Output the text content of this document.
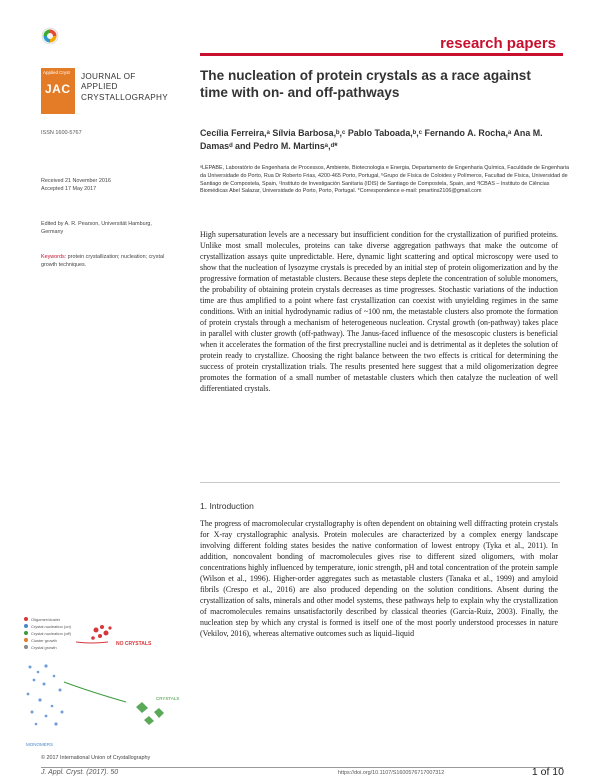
research papers
Applied Cryst
JAC
JOURNAL OF
APPLIED
CRYSTALLOGRAPHY
ISSN 1600-5767
Received 21 November 2016
Accepted 17 May 2017
Edited by A. R. Pearson, Universität Hamburg, Germany
Keywords: protein crystallization; nucleation; crystal growth techniques.
The nucleation of protein crystals as a race against
time with on- and off-pathways
Cecília Ferreira,ᵃ Sílvia Barbosa,ᵇ,ᶜ Pablo Taboada,ᵇ,ᶜ Fernando A. Rocha,ᵃ Ana M.
Damasᵈ and Pedro M. Martinsᵃ,ᵈ*
ᵃLEPABE, Laboratório de Engenharia de Processos, Ambiente, Biotecnologia e Energia, Departamento de Engenharia Química, Faculdade de Engenharia da Universidade do Porto, Rua Dr Roberto Frias, 4200-465 Porto, Portugal, ᵇGrupo de Física de Coloides y Polímeros, Facultad de Física, Universidad de Santiago de Compostela, Spain, ᶜInstituto de Investigación Sanitaria (IDIS) de Santiago de Compostela, Spain, and ᵈICBAS – Instituto de Ciências Biomédicas Abel Salazar, Universidade do Porto, Porto, Portugal. *Correspondence e-mail: pmartins2106@gmail.com
High supersaturation levels are a necessary but insufficient condition for the crystallization of purified proteins. Unlike most small molecules, proteins can take diverse aggregation pathways that make the outcome of crystallization assays quite unpredictable. Here, dynamic light scattering and optical microscopy were used to show that the nucleation of lysozyme crystals is preceded by an initial step of protein oligomerization and by the progressive formation of metastable clusters. Because these steps deplete the concentration of soluble monomers, the probability of obtaining protein crystals decreases as time progresses. Stochastic variations of the induction time are thus amplified to a point where fast crystallization can coexist with unyielding regimes in the same conditions. With an initial hydrodynamic radius of ~100 nm, the metastable clusters also promote the formation of protein crystals through a mechanism of heterogeneous nucleation. Crystal growth (on-pathway) takes place in parallel with cluster growth (off-pathway). The Janus-faced influence of the mesoscopic clusters is beneficial when it accelerates the formation of the first precrystalline nuclei and is detrimental as it depletes the solution of protein ready to crystallize. Choosing the right balance between the two effects is critical for determining the success of protein crystallization trials. The results presented here suggest that a mild oligomerization degree promotes the formation of a small number of metastable clusters which then catalyze the nucleation of well differentiated crystals.
1. Introduction
The progress of macromolecular crystallography is often dependent on obtaining well diffracting protein crystals for X-ray crystallographic analysis. Protein molecules are characterized by a complex energy landscape involving different folding states besides the native conformation of lowest entropy (Tyka et al., 2011). In addition, noncovalent bonding of macromolecules gives rise to different sized oligomers, with molar concentrations highly influenced by temperature, ionic strength, pH and total concentration of the protein sample (Wilson et al., 1996). Higher-order aggregates such as metastable clusters (Tanaka et al., 1999) and amyloid fibrils (Crespo et al., 2016) are also produced depending on the solution conditions. Absent during the crystallization of salts, minerals and other model systems, these pathways help to explain why the crystallization of macromolecules remains unsatisfactorily described by classical theories (García-Ruiz, 2003). Finally, the nucleation step by which any crystal is formed is itself one of the most poorly understood processes in nature (Vekilov, 2016), whereas alternative outcomes such as liquid–liquid
Oligomer/cluster
Crystal nucleation (on)
Crystal nucleation (off)
Cluster growth
Crystal growth
NO CRYSTALS
CRYSTALS
MONOMERS
© 2017 International Union of Crystallography
J. Appl. Cryst. (2017). 50	https://doi.org/10.1107/S1600576717007312	1 of 10
